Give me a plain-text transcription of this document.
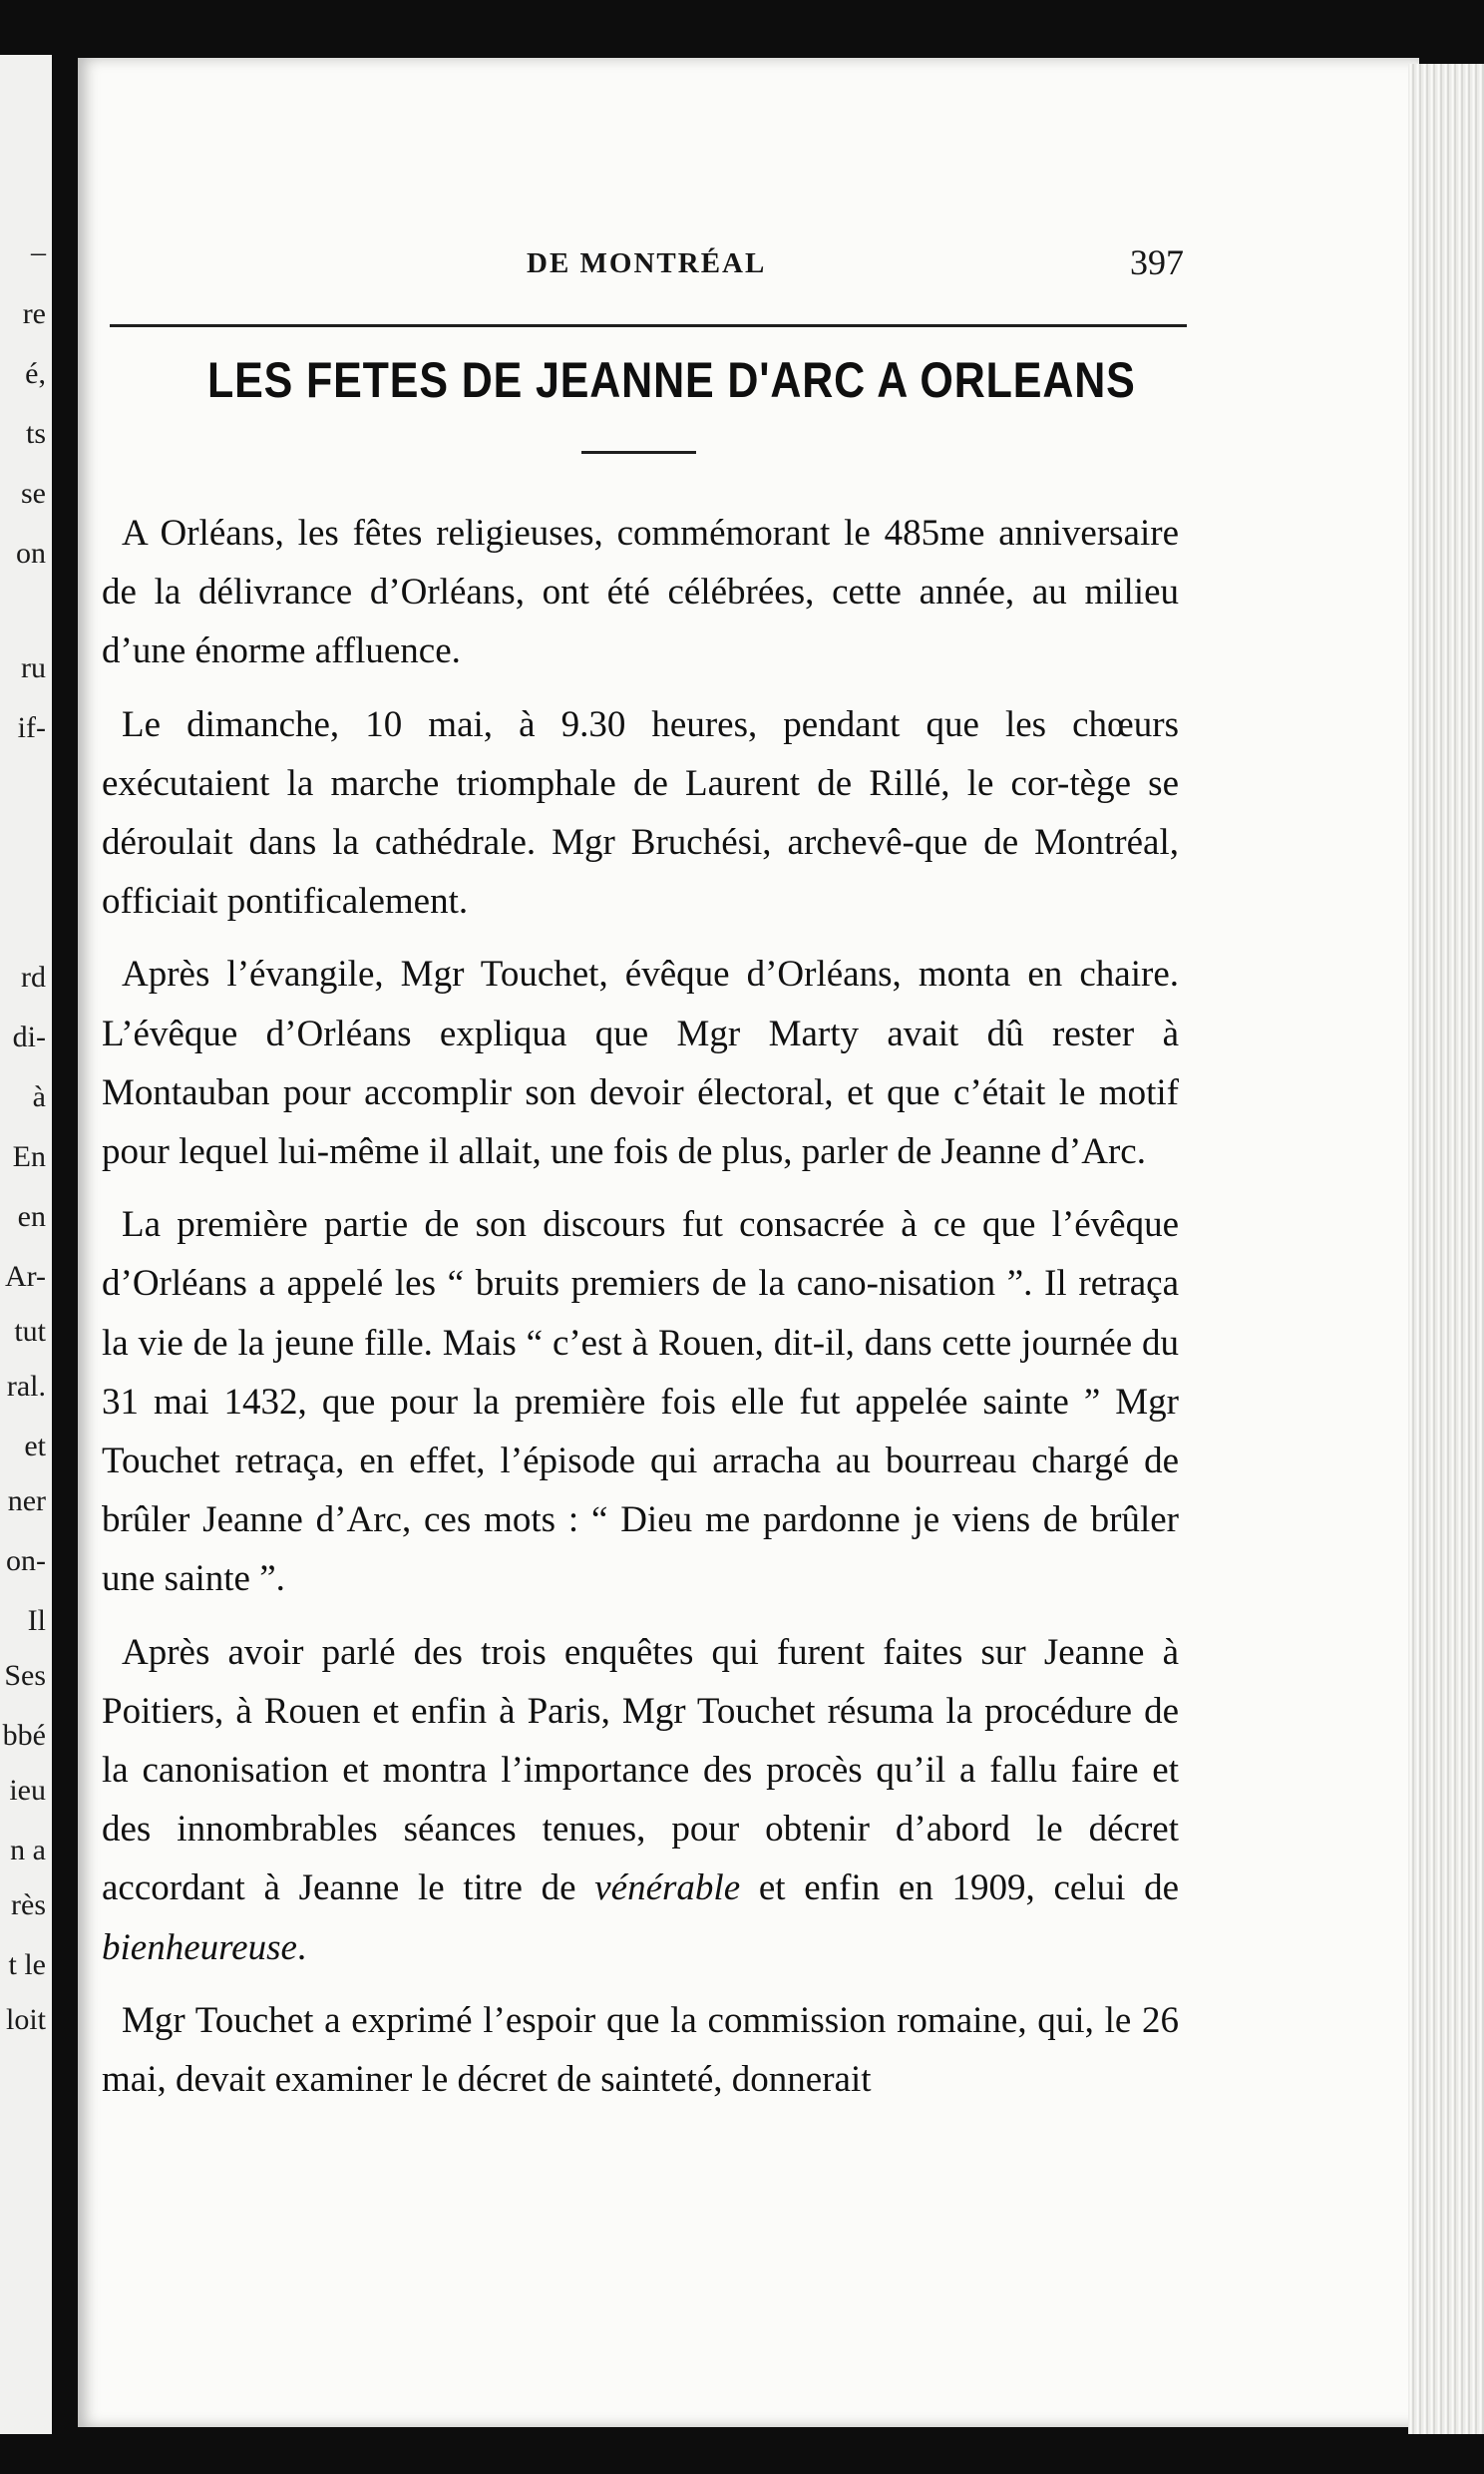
–
re
é,
ts
se
on
ru
if-
rd
di-
à
En
en
Ar-
tut
ral.
et
ner
on-
Il
Ses
bbé
ieu
n a
rès
t le
loit
DE MONTRÉAL	397
LES FETES DE JEANNE D'ARC A ORLEANS

A Orléans, les fêtes religieuses, commémorant le 485me anniversaire de la délivrance d’Orléans, ont été célébrées, cette année, au milieu d’une énorme affluence.

Le dimanche, 10 mai, à 9.30 heures, pendant que les chœurs exécutaient la marche triomphale de Laurent de Rillé, le cor-tège se déroulait dans la cathédrale. Mgr Bruchési, archevê-que de Montréal, officiait pontificalement.

Après l’évangile, Mgr Touchet, évêque d’Orléans, monta en chaire. L’évêque d’Orléans expliqua que Mgr Marty avait dû rester à Montauban pour accomplir son devoir électoral, et que c’était le motif pour lequel lui-même il allait, une fois de plus, parler de Jeanne d’Arc.

La première partie de son discours fut consacrée à ce que l’évêque d’Orléans a appelé les “ bruits premiers de la cano-nisation ”. Il retraça la vie de la jeune fille. Mais “ c’est à Rouen, dit-il, dans cette journée du 31 mai 1432, que pour la première fois elle fut appelée sainte ” Mgr Touchet retraça, en effet, l’épisode qui arracha au bourreau chargé de brûler Jeanne d’Arc, ces mots : “ Dieu me pardonne je viens de brûler une sainte ”.

Après avoir parlé des trois enquêtes qui furent faites sur Jeanne à Poitiers, à Rouen et enfin à Paris, Mgr Touchet résuma la procédure de la canonisation et montra l’importance des procès qu’il a fallu faire et des innombrables séances tenues, pour obtenir d’abord le décret accordant à Jeanne le titre de vénérable et enfin en 1909, celui de bienheureuse.

Mgr Touchet a exprimé l’espoir que la commission romaine, qui, le 26 mai, devait examiner le décret de sainteté, donnerait
